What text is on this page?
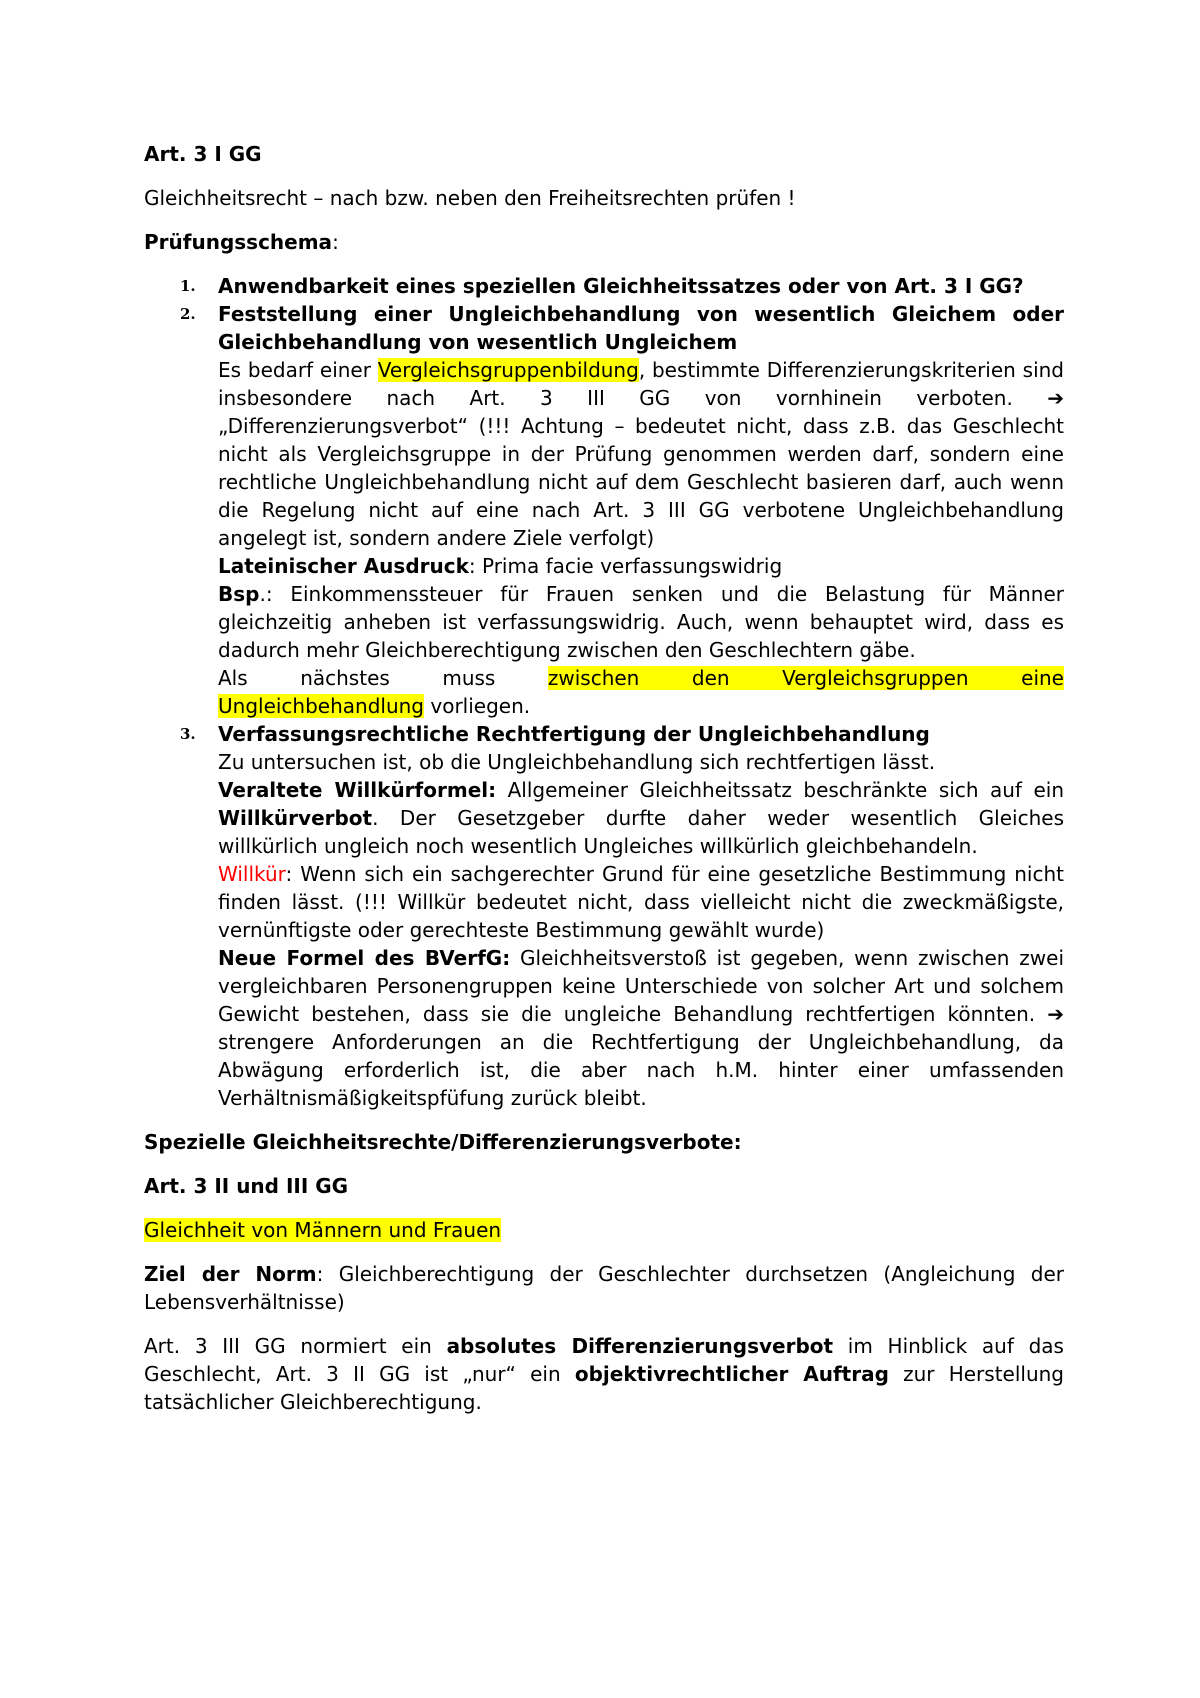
Art. 3 I GG

Gleichheitsrecht – nach bzw. neben den Freiheitsrechten prüfen !

Prüfungsschema:

1. Anwendbarkeit eines speziellen Gleichheitssatzes oder von Art. 3 I GG?
2. Feststellung einer Ungleichbehandlung von wesentlich Gleichem oder Gleichbehandlung von wesentlich Ungleichem
Es bedarf einer Vergleichsgruppenbildung, bestimmte Differenzierungskriterien sind insbesondere nach Art. 3 III GG von vornhinein verboten. ➔ „Differenzierungsverbot“ (!!! Achtung – bedeutet nicht, dass z.B. das Geschlecht nicht als Vergleichsgruppe in der Prüfung genommen werden darf, sondern eine rechtliche Ungleichbehandlung nicht auf dem Geschlecht basieren darf, auch wenn die Regelung nicht auf eine nach Art. 3 III GG verbotene Ungleichbehandlung angelegt ist, sondern andere Ziele verfolgt)
Lateinischer Ausdruck: Prima facie verfassungswidrig
Bsp.: Einkommenssteuer für Frauen senken und die Belastung für Männer gleichzeitig anheben ist verfassungswidrig. Auch, wenn behauptet wird, dass es dadurch mehr Gleichberechtigung zwischen den Geschlechtern gäbe.
Als nächstes muss zwischen den Vergleichsgruppen eine
Ungleichbehandlung vorliegen.
3. Verfassungsrechtliche Rechtfertigung der Ungleichbehandlung
Zu untersuchen ist, ob die Ungleichbehandlung sich rechtfertigen lässt.
Veraltete Willkürformel: Allgemeiner Gleichheitssatz beschränkte sich auf ein Willkürverbot. Der Gesetzgeber durfte daher weder wesentlich Gleiches willkürlich ungleich noch wesentlich Ungleiches willkürlich gleichbehandeln.
Willkür: Wenn sich ein sachgerechter Grund für eine gesetzliche Bestimmung nicht finden lässt. (!!! Willkür bedeutet nicht, dass vielleicht nicht die zweckmäßigste, vernünftigste oder gerechteste Bestimmung gewählt wurde)
Neue Formel des BVerfG: Gleichheitsverstoß ist gegeben, wenn zwischen zwei vergleichbaren Personengruppen keine Unterschiede von solcher Art und solchem Gewicht bestehen, dass sie die ungleiche Behandlung rechtfertigen könnten. ➔ strengere Anforderungen an die Rechtfertigung der Ungleichbehandlung, da Abwägung erforderlich ist, die aber nach h.M. hinter einer umfassenden Verhältnismäßigkeitspfüfung zurück bleibt.

Spezielle Gleichheitsrechte/Differenzierungsverbote:

Art. 3 II und III GG

Gleichheit von Männern und Frauen

Ziel der Norm: Gleichberechtigung der Geschlechter durchsetzen (Angleichung der Lebensverhältnisse)

Art. 3 III GG normiert ein absolutes Differenzierungsverbot im Hinblick auf das Geschlecht, Art. 3 II GG ist „nur“ ein objektivrechtlicher Auftrag zur Herstellung tatsächlicher Gleichberechtigung.
